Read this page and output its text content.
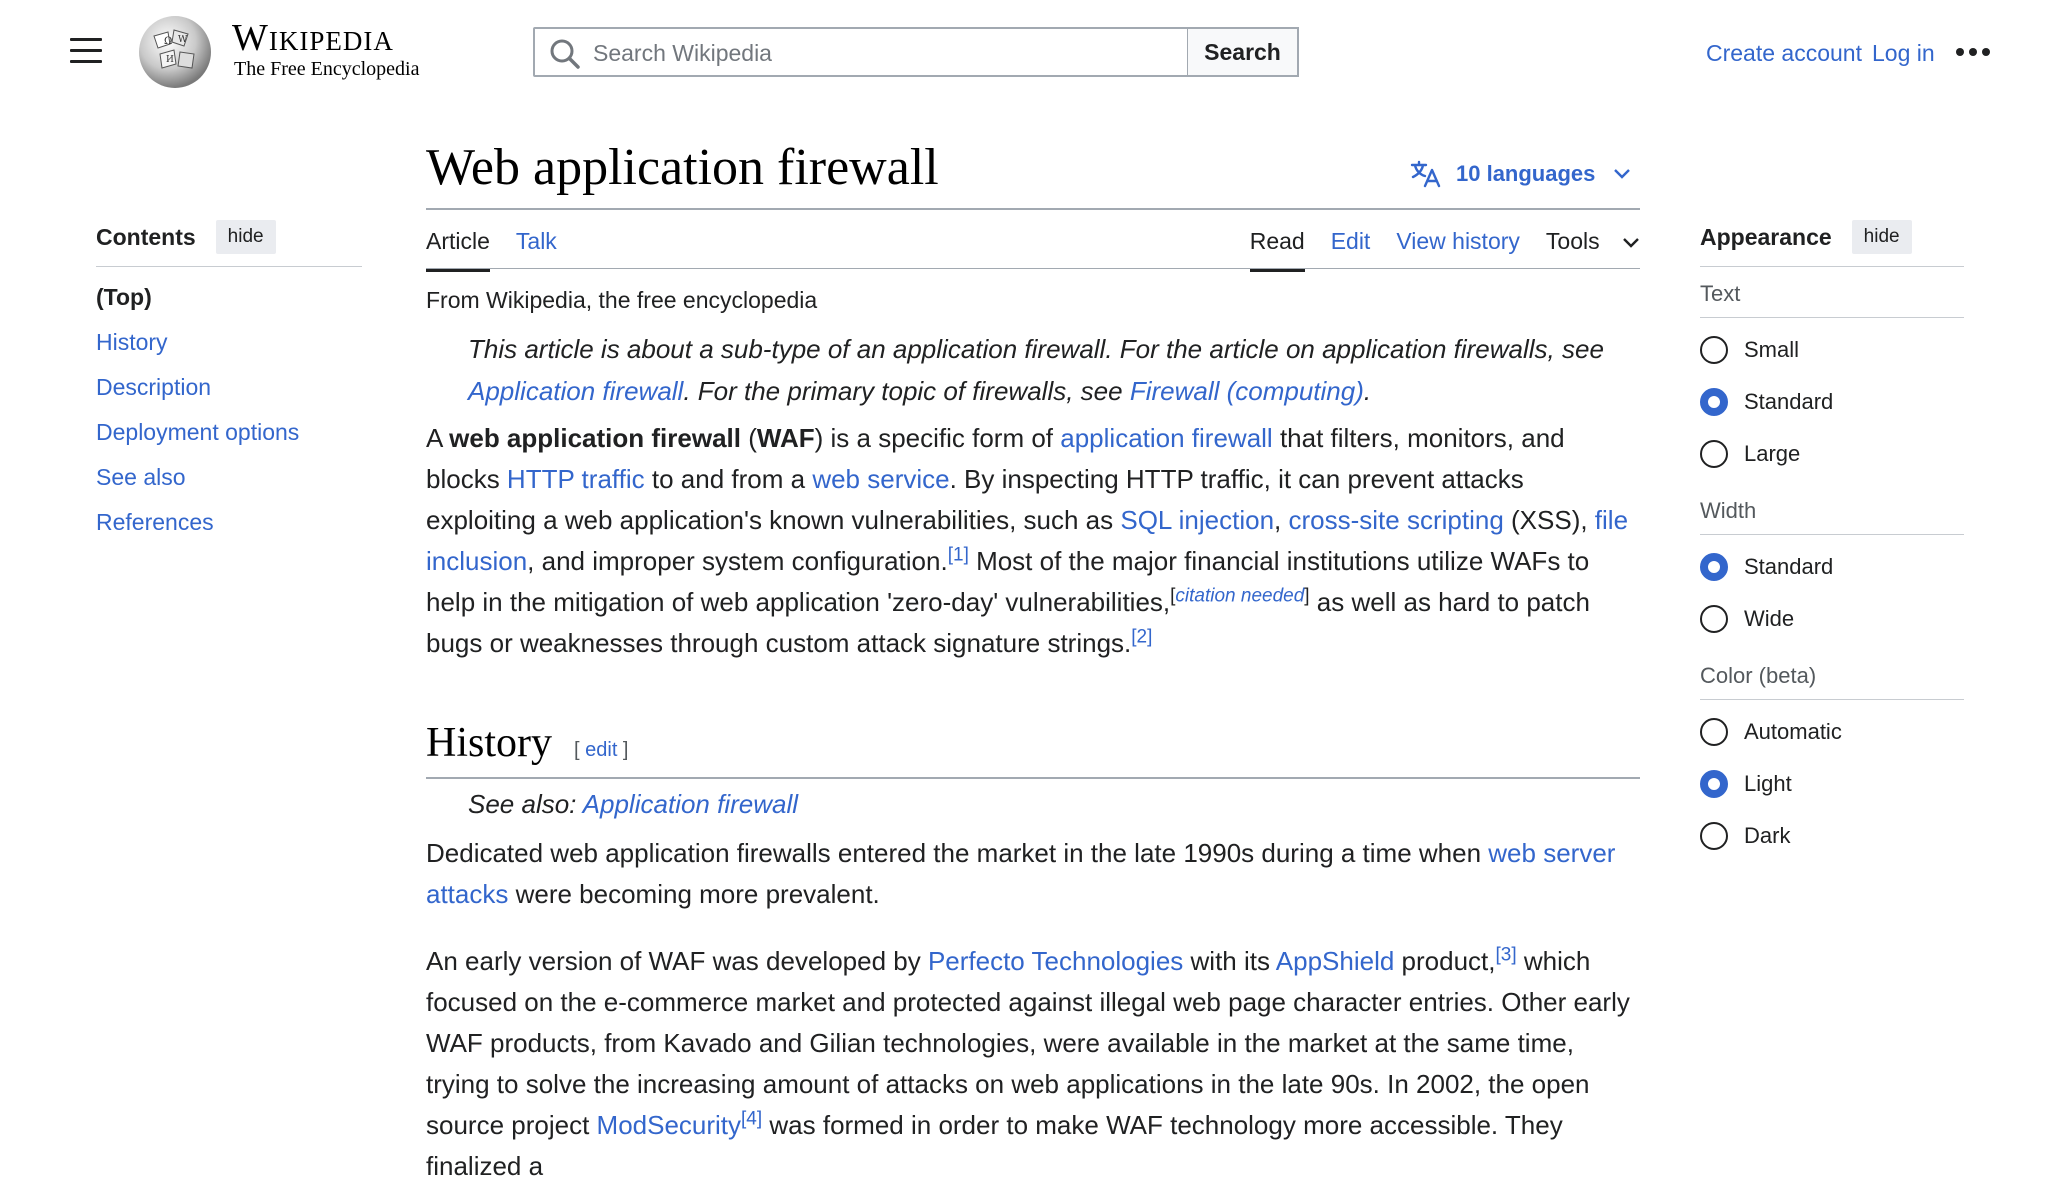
Ω W
И
Wikipedia
The Free Encyclopedia
Search Wikipedia
Search	Create account Log in
Web application firewall	10 languages
Article Talk	Read Edit View history Tools
From Wikipedia, the free encyclopedia
This article is about a sub-type of an application firewall. For the article on application firewalls, see Application firewall. For the primary topic of firewalls, see Firewall (computing).
A web application firewall (WAF) is a specific form of application firewall that filters, monitors, and blocks HTTP traffic to and from a web service. By inspecting HTTP traffic, it can prevent attacks exploiting a web application's known vulnerabilities, such as SQL injection, cross-site scripting (XSS), file inclusion, and improper system configuration.[1] Most of the major financial institutions utilize WAFs to help in the mitigation of web application 'zero-day' vulnerabilities,[citation needed] as well as hard to patch bugs or weaknesses through custom attack signature strings.[2]
History [ edit ]
See also: Application firewall
Dedicated web application firewalls entered the market in the late 1990s during a time when web server attacks were becoming more prevalent.
An early version of WAF was developed by Perfecto Technologies with its AppShield product,[3] which focused on the e-commerce market and protected against illegal web page character entries. Other early WAF products, from Kavado and Gilian technologies, were available in the market at the same time, trying to solve the increasing amount of attacks on web applications in the late 90s. In 2002, the open source project ModSecurity[4] was formed in order to make WAF technology more accessible. They finalized a
Contents	hide
(Top)
History
Description
Deployment options
See also
References
Appearance	hide
Text
Small
Standard
Large
Width
Standard
Wide
Color (beta)
Automatic
Light
Dark
